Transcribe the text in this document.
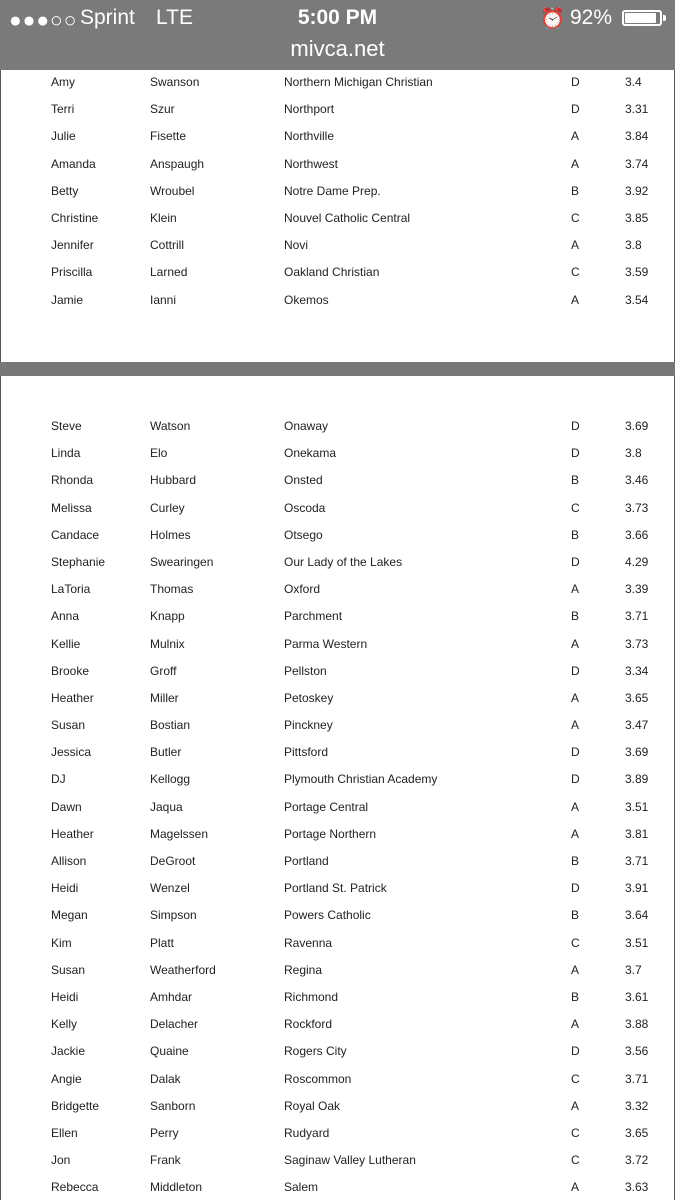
●●●○○ Sprint LTE	5:00 PM	⏰ 92%
mivca.net
Amy	Swanson	Northern Michigan Christian	D	3.4
Terri	Szur	Northport	D	3.31
Julie	Fisette	Northville	A	3.84
Amanda	Anspaugh	Northwest	A	3.74
Betty	Wroubel	Notre Dame Prep.	B	3.92
Christine	Klein	Nouvel Catholic Central	C	3.85
Jennifer	Cottrill	Novi	A	3.8
Priscilla	Larned	Oakland Christian	C	3.59
Jamie	Ianni	Okemos	A	3.54
Steve	Watson	Onaway	D	3.69
Linda	Elo	Onekama	D	3.8
Rhonda	Hubbard	Onsted	B	3.46
Melissa	Curley	Oscoda	C	3.73
Candace	Holmes	Otsego	B	3.66
Stephanie	Swearingen	Our Lady of the Lakes	D	4.29
LaToria	Thomas	Oxford	A	3.39
Anna	Knapp	Parchment	B	3.71
Kellie	Mulnix	Parma Western	A	3.73
Brooke	Groff	Pellston	D	3.34
Heather	Miller	Petoskey	A	3.65
Susan	Bostian	Pinckney	A	3.47
Jessica	Butler	Pittsford	D	3.69
DJ	Kellogg	Plymouth Christian Academy	D	3.89
Dawn	Jaqua	Portage Central	A	3.51
Heather	Magelssen	Portage Northern	A	3.81
Allison	DeGroot	Portland	B	3.71
Heidi	Wenzel	Portland St. Patrick	D	3.91
Megan	Simpson	Powers Catholic	B	3.64
Kim	Platt	Ravenna	C	3.51
Susan	Weatherford	Regina	A	3.7
Heidi	Amhdar	Richmond	B	3.61
Kelly	Delacher	Rockford	A	3.88
Jackie	Quaine	Rogers City	D	3.56
Angie	Dalak	Roscommon	C	3.71
Bridgette	Sanborn	Royal Oak	A	3.32
Ellen	Perry	Rudyard	C	3.65
Jon	Frank	Saginaw Valley Lutheran	C	3.72
Rebecca	Middleton	Salem	A	3.63
